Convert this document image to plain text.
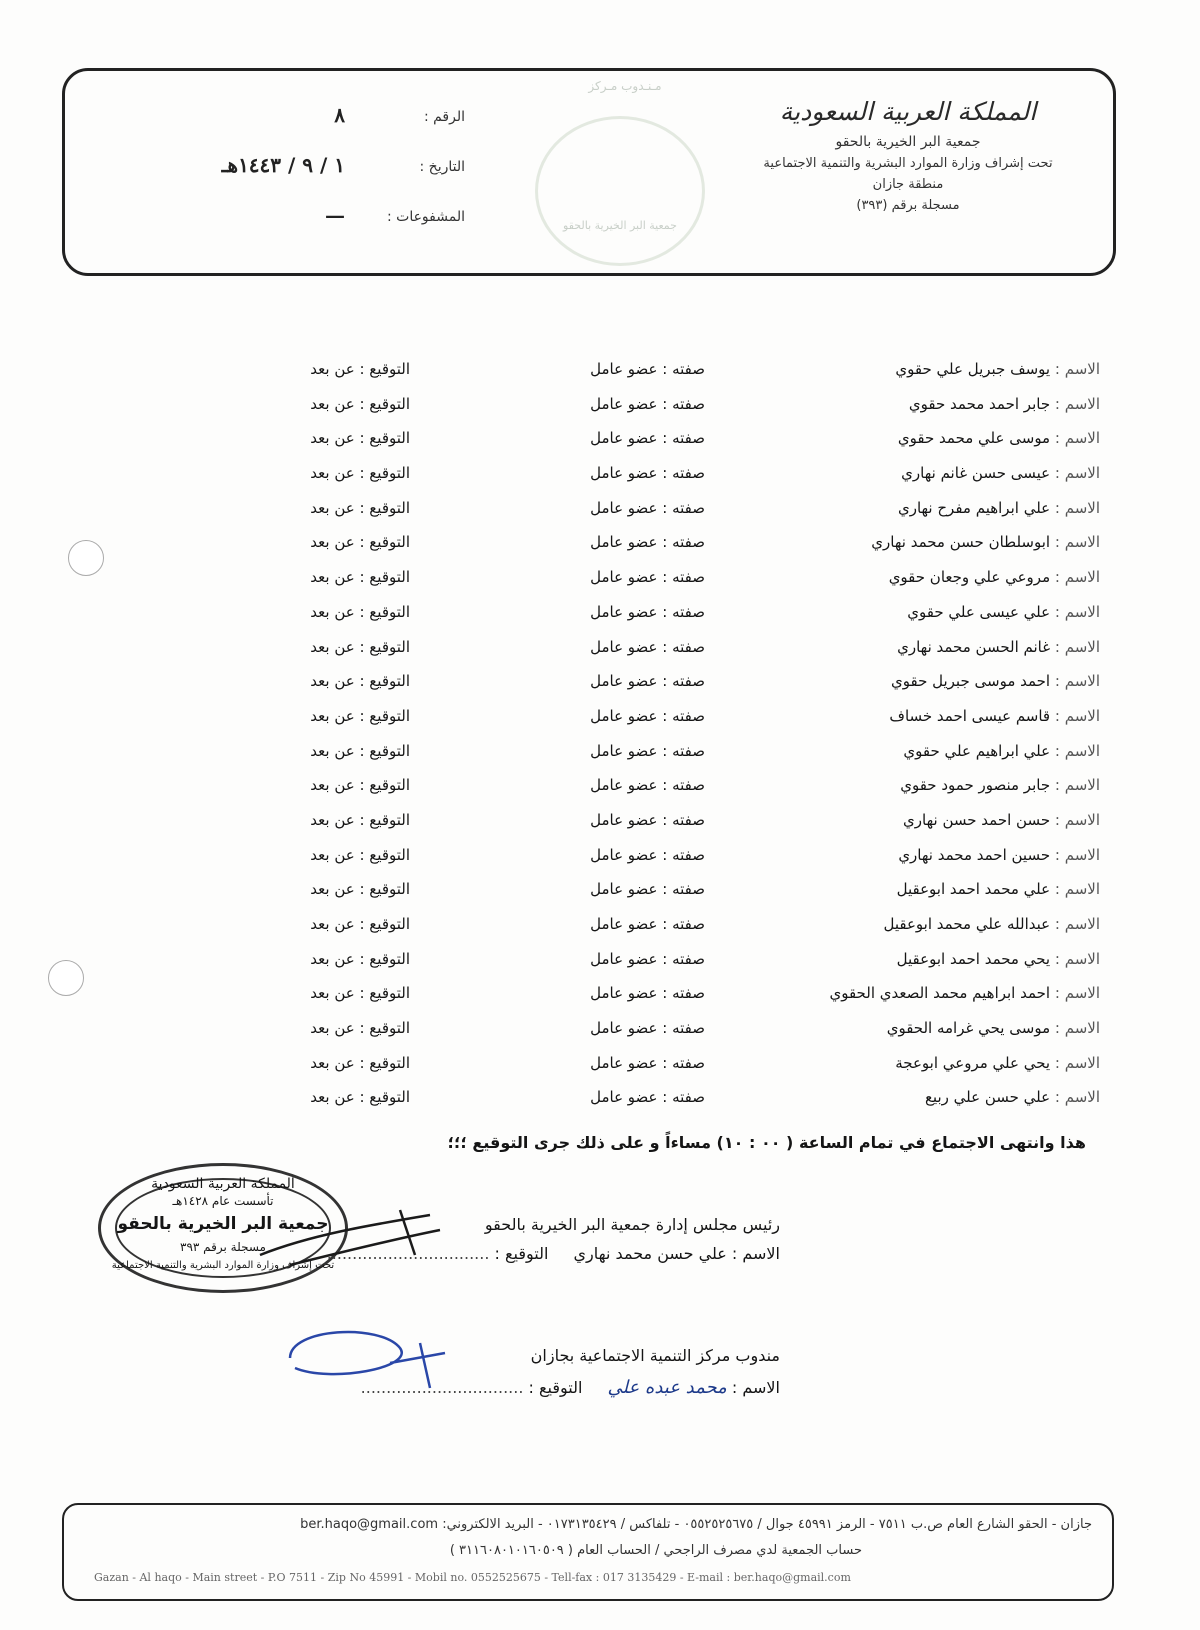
المملكة العربية السعودية
جمعية البر الخيرية بالحقو
تحت إشراف وزارة الموارد البشرية والتنمية الاجتماعية
منطقة جازان
مسجلة برقم (٣٩٣)
مـنـدوب مـركز
جمعية البر الخيرية بالحقو
الرقم :
٨
التاريخ :
١ / ٩ / ١٤٤٣هـ
المشفوعات :
—
الاسم : يوسف جبريل علي حقوي
صفته : عضو عامل
التوقيع : عن بعد
الاسم : جابر احمد محمد حقوي
صفته : عضو عامل
التوقيع : عن بعد
الاسم : موسى علي محمد حقوي
صفته : عضو عامل
التوقيع : عن بعد
الاسم : عيسى حسن غانم نهاري
صفته : عضو عامل
التوقيع : عن بعد
الاسم : علي ابراهيم مفرح نهاري
صفته : عضو عامل
التوقيع : عن بعد
الاسم : ابوسلطان حسن محمد نهاري
صفته : عضو عامل
التوقيع : عن بعد
الاسم : مروعي علي وجعان حقوي
صفته : عضو عامل
التوقيع : عن بعد
الاسم : علي عيسى علي حقوي
صفته : عضو عامل
التوقيع : عن بعد
الاسم : غانم الحسن محمد نهاري
صفته : عضو عامل
التوقيع : عن بعد
الاسم : احمد موسى جبريل حقوي
صفته : عضو عامل
التوقيع : عن بعد
الاسم : قاسم عيسى احمد خساف
صفته : عضو عامل
التوقيع : عن بعد
الاسم : علي ابراهيم علي حقوي
صفته : عضو عامل
التوقيع : عن بعد
الاسم : جابر منصور حمود حقوي
صفته : عضو عامل
التوقيع : عن بعد
الاسم : حسن احمد حسن نهاري
صفته : عضو عامل
التوقيع : عن بعد
الاسم : حسين احمد محمد نهاري
صفته : عضو عامل
التوقيع : عن بعد
الاسم : علي محمد احمد ابوعقيل
صفته : عضو عامل
التوقيع : عن بعد
الاسم : عبدالله علي محمد ابوعقيل
صفته : عضو عامل
التوقيع : عن بعد
الاسم : يحي محمد احمد ابوعقيل
صفته : عضو عامل
التوقيع : عن بعد
الاسم : احمد ابراهيم محمد الصعدي الحقوي
صفته : عضو عامل
التوقيع : عن بعد
الاسم : موسى يحي غرامه الحقوي
صفته : عضو عامل
التوقيع : عن بعد
الاسم : يحي علي مروعي ابوعجة
صفته : عضو عامل
التوقيع : عن بعد
الاسم : علي حسن علي ربيع
صفته : عضو عامل
التوقيع : عن بعد
هذا وانتهى الاجتماع في تمام الساعة ( ٠٠ : ١٠) مساءاً و على ذلك جرى التوقيع ؛؛؛
المملكة العربية السعودية
تأسست عام ١٤٢٨هـ
جمعية البر الخيرية بالحقو
مسجلة برقم ٣٩٣
تحت إشراف وزارة الموارد البشرية والتنمية الاجتماعية
رئيس مجلس إدارة جمعية البر الخيرية بالحقو
الاسم : علي حسن محمد نهاري التوقيع : ................................
مندوب مركز التنمية الاجتماعية بجازان
الاسم : محمد عبده علي التوقيع : ................................
جازان - الحقو الشارع العام ص.ب ٧٥١١ - الرمز ٤٥٩٩١ جوال / ٠٥٥٢٥٢٥٦٧٥ - تلفاكس / ٠١٧٣١٣٥٤٢٩ - البريد الالكتروني: ber.haqo@gmail.com
حساب الجمعية لدي مصرف الراجحي / الحساب العام ( ٣١١٦٠٨٠١٠١٦٠٥٠٩ )
Gazan - Al haqo - Main street - P.O 7511 - Zip No 45991 - Mobil no. 0552525675 - Tell-fax : 017 3135429 - E-mail : ber.haqo@gmail.com
